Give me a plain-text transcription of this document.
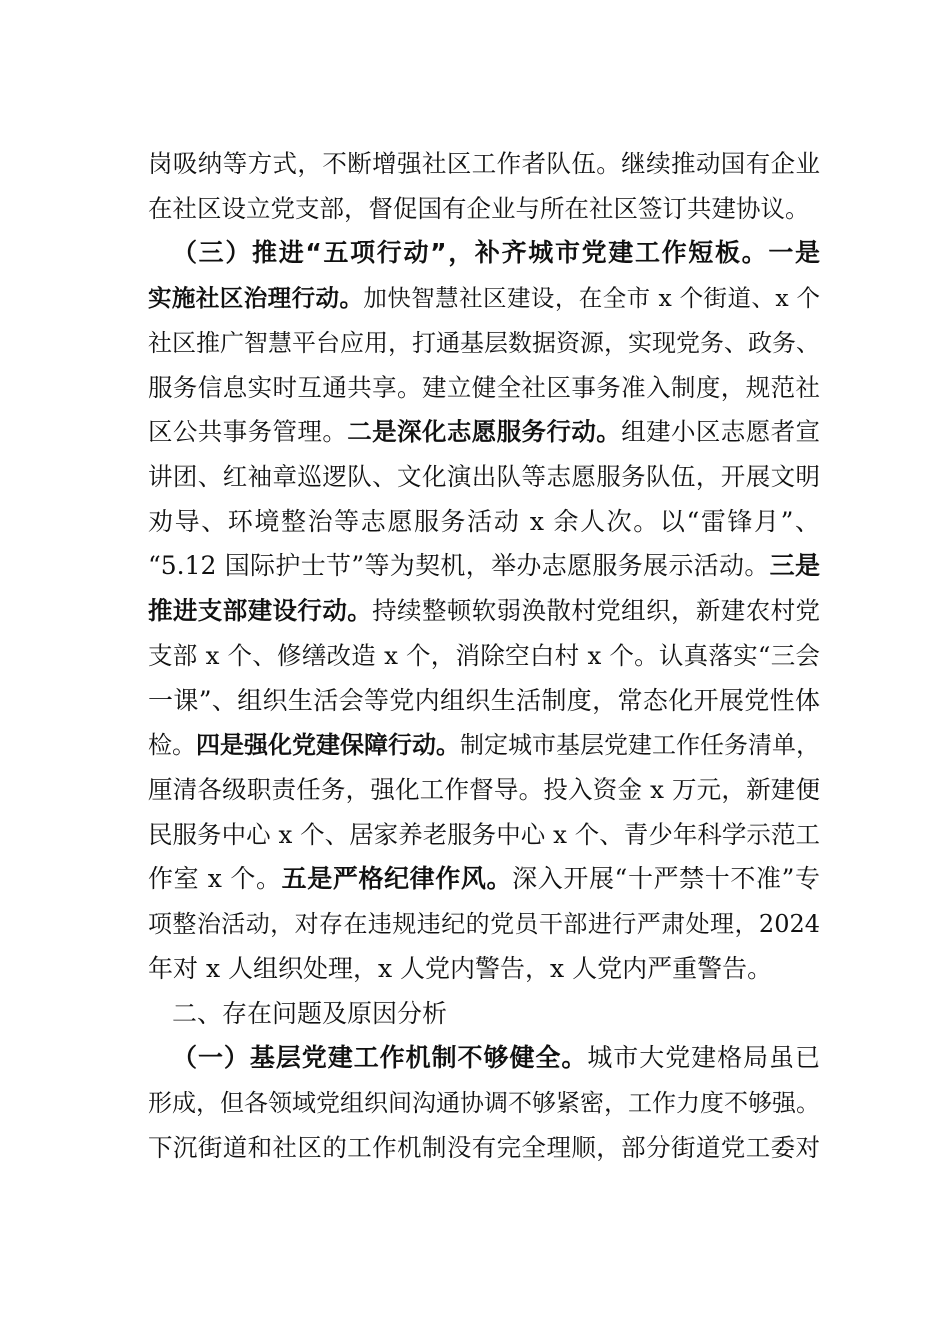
岗吸纳等方式，不断增强社区工作者队伍。继续推动国有企业
在社区设立党支部，督促国有企业与所在社区签订共建协议。
（三）推进“五项行动”，补齐城市党建工作短板。一是
实施社区治理行动。加快智慧社区建设，在全市 x 个街道、x 个
社区推广智慧平台应用，打通基层数据资源，实现党务、政务、
服务信息实时互通共享。建立健全社区事务准入制度，规范社
区公共事务管理。二是深化志愿服务行动。组建小区志愿者宣
讲团、红袖章巡逻队、文化演出队等志愿服务队伍，开展文明
劝导、环境整治等志愿服务活动 x 余人次。以“雷锋月”、
“5.12 国际护士节”等为契机，举办志愿服务展示活动。三是
推进支部建设行动。持续整顿软弱涣散村党组织，新建农村党
支部 x 个、修缮改造 x 个，消除空白村 x 个。认真落实“三会
一课”、组织生活会等党内组织生活制度，常态化开展党性体
检。四是强化党建保障行动。制定城市基层党建工作任务清单，
厘清各级职责任务，强化工作督导。投入资金 x 万元，新建便
民服务中心 x 个、居家养老服务中心 x 个、青少年科学示范工
作室 x 个。五是严格纪律作风。深入开展“十严禁十不准”专
项整治活动，对存在违规违纪的党员干部进行严肃处理，2024
年对 x 人组织处理，x 人党内警告，x 人党内严重警告。
二、存在问题及原因分析
（一）基层党建工作机制不够健全。城市大党建格局虽已
形成，但各领域党组织间沟通协调不够紧密，工作力度不够强。
下沉街道和社区的工作机制没有完全理顺，部分街道党工委对
